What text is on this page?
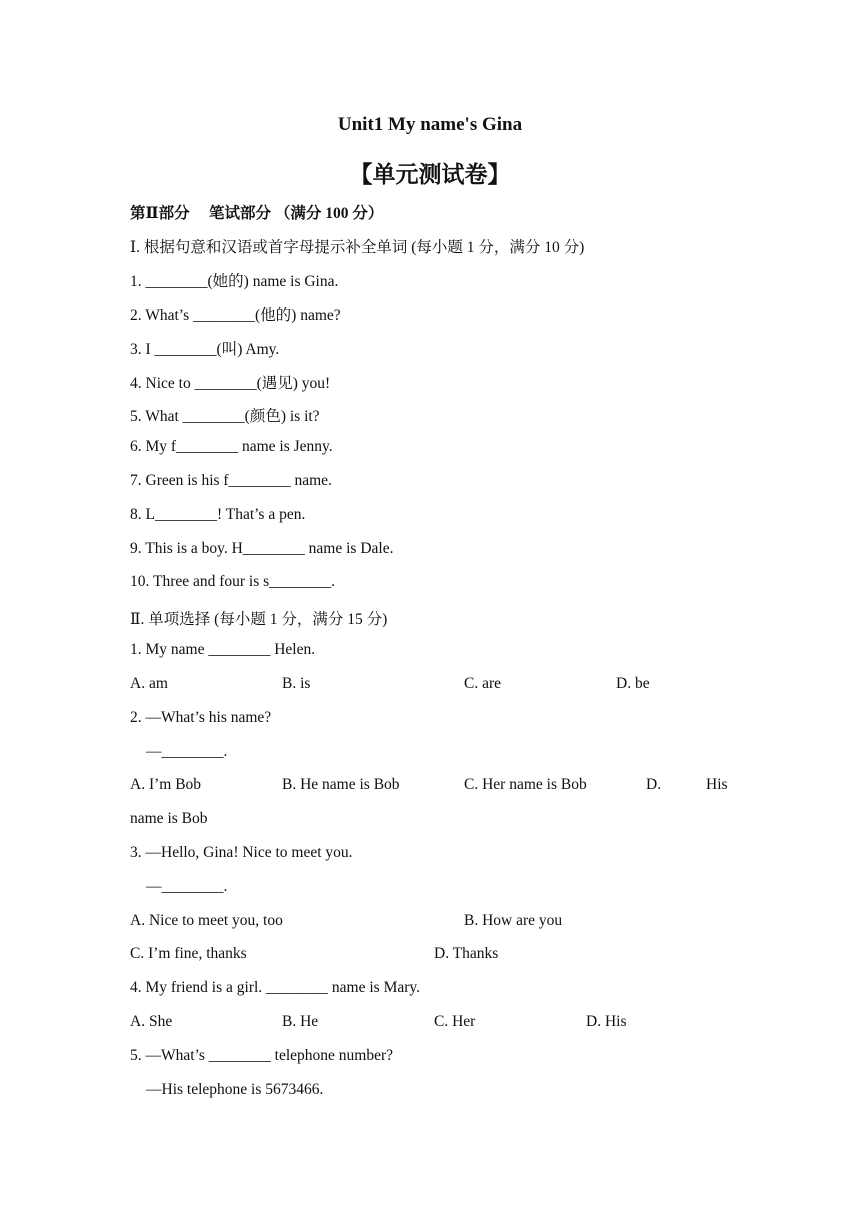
Unit1 My name's Gina
【单元测试卷】
第Ⅱ部分　 笔试部分 （满分 100 分）
Ⅰ. 根据句意和汉语或首字母提示补全单词 (每小题 1 分，满分 10 分)
1. ________(她的) name is Gina.
2. What’s ________(他的) name?
3. I ________(叫) Amy.
4. Nice to ________(遇见) you!
5. What ________(颜色) is it?
6. My f________ name is Jenny.
7. Green is his f________ name.
8. L________! That’s a pen.
9. This is a boy. H________ name is Dale.
10. Three and four is s________.
Ⅱ. 单项选择 (每小题 1 分，满分 15 分)
1. My name ________ Helen.
A. am	B. is	C. are	D. be
2. —What’s his name?
—________.
A. I’m Bob	B. He name is Bob	C. Her name is Bob	D.	His
name is Bob
3. —Hello, Gina! Nice to meet you.
—________.
A. Nice to meet you, too	B. How are you
C. I’m fine, thanks	D. Thanks
4. My friend is a girl. ________ name is Mary.
A. She	B. He	C. Her	D. His
5. —What’s ________ telephone number?
—His telephone is 5673466.
